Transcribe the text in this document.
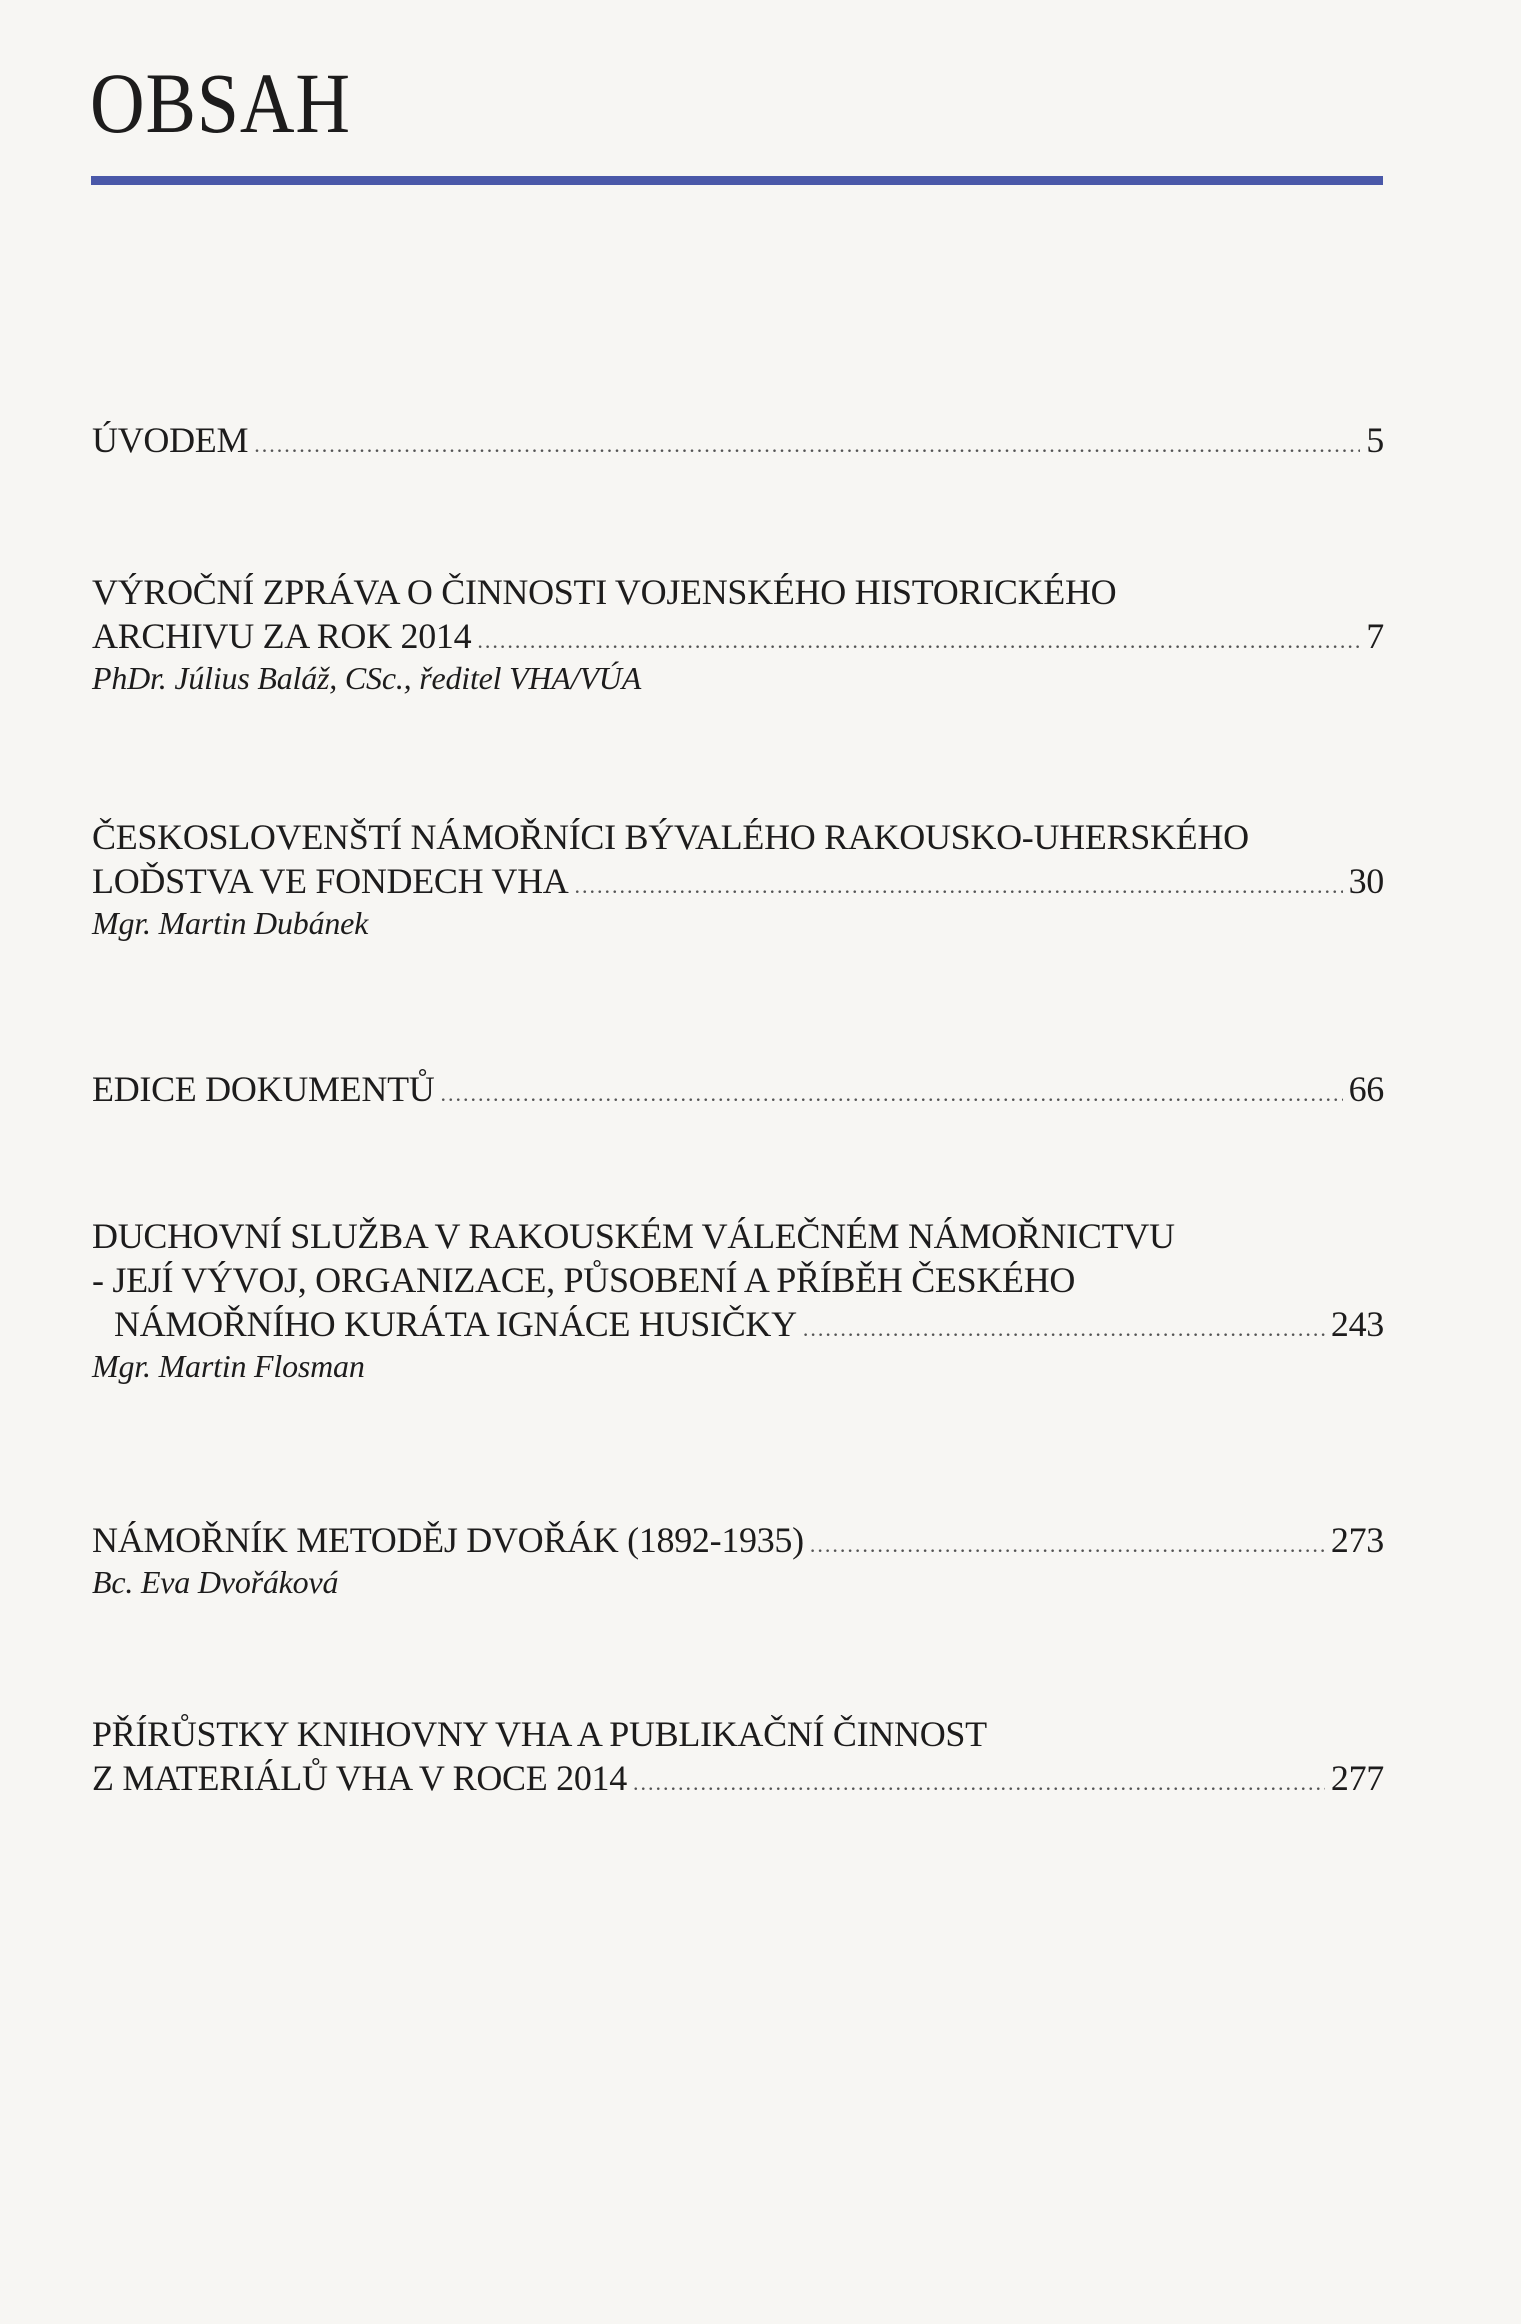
OBSAH
ÚVODEM .....	5
VÝROČNÍ ZPRÁVA O ČINNOSTI VOJENSKÉHO HISTORICKÉHO
ARCHIVU ZA ROK 2014 .....	7
PhDr. Július Baláž, CSc., ředitel VHA/VÚA
ČESKOSLOVENŠTÍ NÁMOŘNÍCI BÝVALÉHO RAKOUSKO-UHERSKÉHO
LOĎSTVA VE FONDECH VHA .....	30
Mgr. Martin Dubánek
EDICE DOKUMENTŮ .....	66
DUCHOVNÍ SLUŽBA V RAKOUSKÉM VÁLEČNÉM NÁMOŘNICTVU
- JEJÍ VÝVOJ, ORGANIZACE, PŮSOBENÍ A PŘÍBĚH ČESKÉHO
NÁMOŘNÍHO KURÁTA IGNÁCE HUSIČKY .....	243
Mgr. Martin Flosman
NÁMOŘNÍK METODĚJ DVOŘÁK (1892-1935) .....	273
Bc. Eva Dvořáková
PŘÍRŮSTKY KNIHOVNY VHA A PUBLIKAČNÍ ČINNOST
Z MATERIÁLŮ VHA V ROCE 2014 .....	277
